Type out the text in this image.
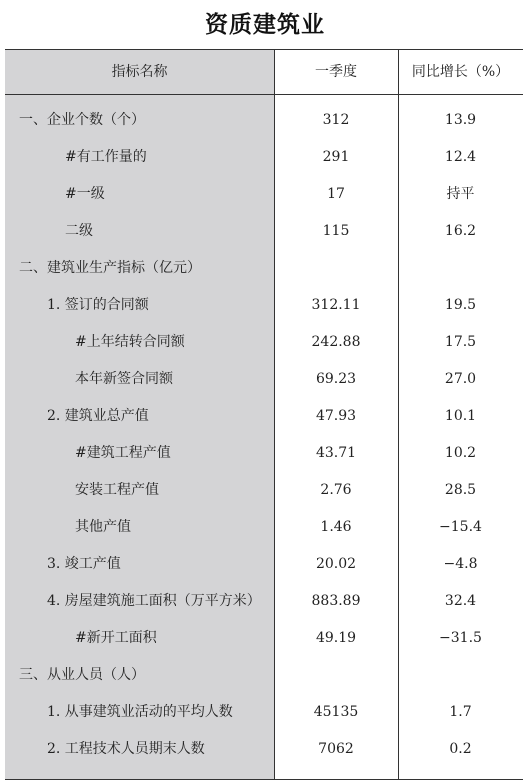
资质建筑业
指标名称	一季度	同比增长（%）
一、企业个数（个）	312	13.9
#有工作量的	291	12.4
#一级	17	持平
二级	115	16.2
二、建筑业生产指标（亿元）
1. 签订的合同额	312.11	19.5
#上年结转合同额	242.88	17.5
本年新签合同额	69.23	27.0
2. 建筑业总产值	47.93	10.1
#建筑工程产值	43.71	10.2
安装工程产值	2.76	28.5
其他产值	1.46	−15.4
3. 竣工产值	20.02	−4.8
4. 房屋建筑施工面积（万平方米）	883.89	32.4
#新开工面积	49.19	−31.5
三、从业人员（人）
1. 从事建筑业活动的平均人数	45135	1.7
2. 工程技术人员期末人数	7062	0.2
